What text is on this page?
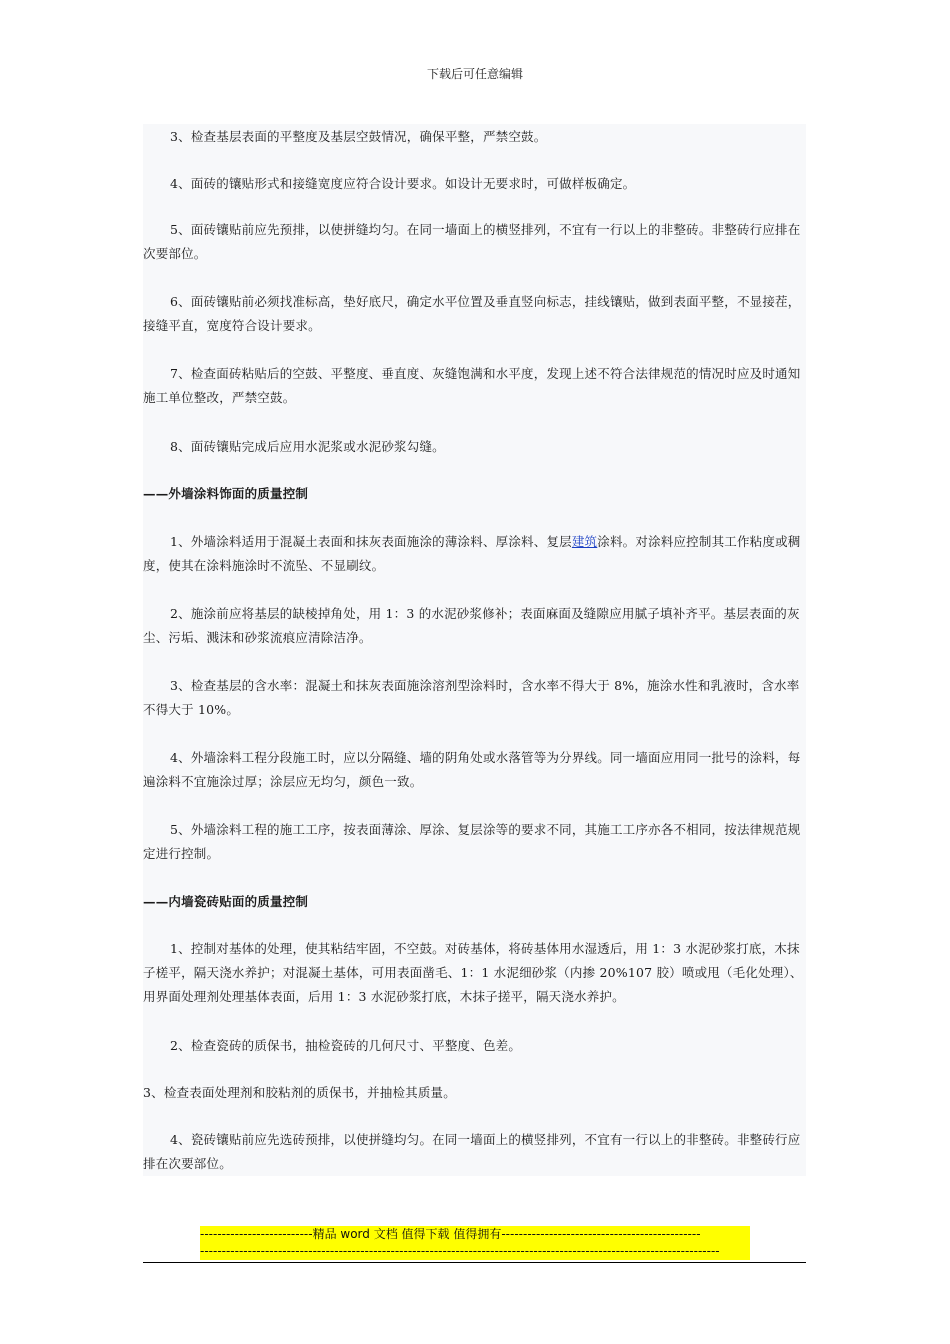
下载后可任意编辑
3、检查基层表面的平整度及基层空鼓情况，确保平整，严禁空鼓。
4、面砖的镶贴形式和接缝宽度应符合设计要求。如设计无要求时，可做样板确定。
5、面砖镶贴前应先预排，以使拼缝均匀。在同一墙面上的横竖排列，不宜有一行以上的非整砖。非整砖行应排在次要部位。
6、面砖镶贴前必须找准标高，垫好底尺，确定水平位置及垂直竖向标志，挂线镶贴，做到表面平整，不显接茬，接缝平直，宽度符合设计要求。
7、检查面砖粘贴后的空鼓、平整度、垂直度、灰缝饱满和水平度，发现上述不符合法律规范的情况时应及时通知施工单位整改，严禁空鼓。
8、面砖镶贴完成后应用水泥浆或水泥砂浆勾缝。
——外墙涂料饰面的质量控制
1、外墙涂料适用于混凝土表面和抹灰表面施涂的薄涂料、厚涂料、复层建筑涂料。对涂料应控制其工作粘度或稠度，使其在涂料施涂时不流坠、不显刷纹。
2、施涂前应将基层的缺棱掉角处，用 1：3 的水泥砂浆修补；表面麻面及缝隙应用腻子填补齐平。基层表面的灰尘、污垢、溅沫和砂浆流痕应清除洁净。
3、检查基层的含水率：混凝土和抹灰表面施涂溶剂型涂料时，含水率不得大于 8%，施涂水性和乳液时，含水率不得大于 10%。
4、外墙涂料工程分段施工时，应以分隔缝、墙的阴角处或水落管等为分界线。同一墙面应用同一批号的涂料，每遍涂料不宜施涂过厚；涂层应无均匀，颜色一致。
5、外墙涂料工程的施工工序，按表面薄涂、厚涂、复层涂等的要求不同，其施工工序亦各不相同，按法律规范规定进行控制。
——内墙瓷砖贴面的质量控制
1、控制对基体的处理，使其粘结牢固，不空鼓。对砖基体，将砖基体用水湿透后，用 1：3 水泥砂浆打底，木抹子槎平，隔天浇水养护；对混凝土基体，可用表面凿毛、1：1 水泥细砂浆（内掺 20%107 胶）喷或甩（毛化处理）、用界面处理剂处理基体表面，后用 1：3 水泥砂浆打底，木抹子搓平，隔天浇水养护。
2、检查瓷砖的质保书，抽检瓷砖的几何尺寸、平整度、色差。
3、检查表面处理剂和胶粘剂的质保书，并抽检其质量。
4、瓷砖镶贴前应先选砖预排，以使拼缝均匀。在同一墙面上的横竖排列，不宜有一行以上的非整砖。非整砖行应排在次要部位。
--------------------------精品 word 文档 值得下载 值得拥有----------------------------------------------
------------------------------------------------------------------------------------------------------------------------
